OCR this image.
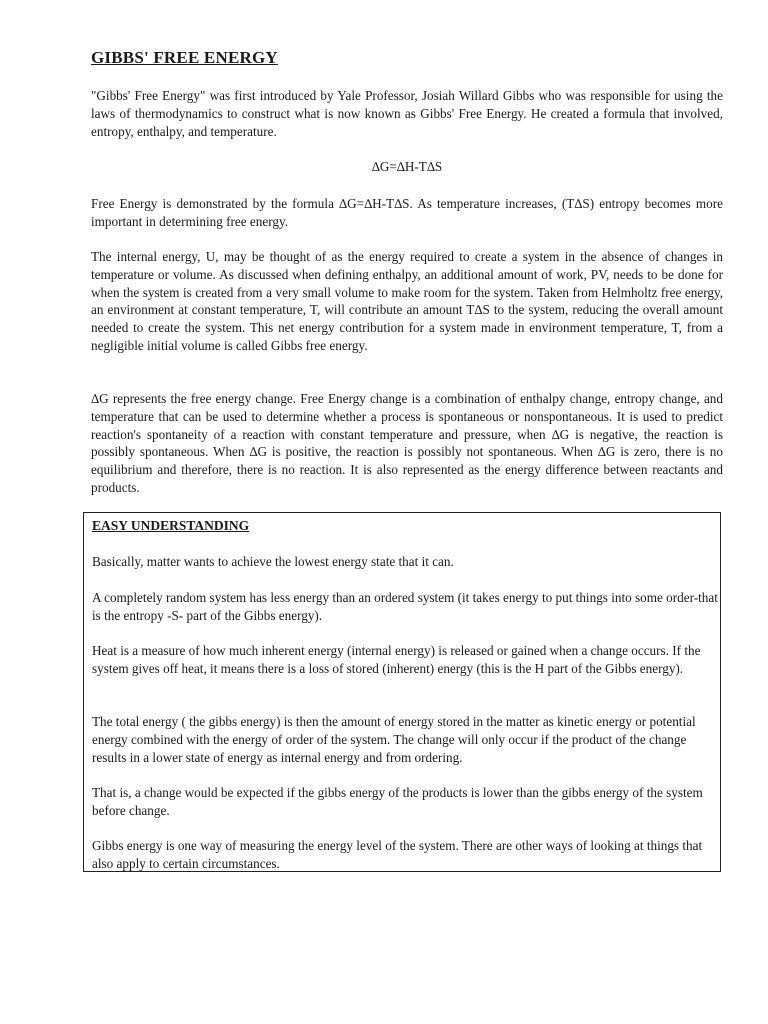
GIBBS' FREE ENERGY

"Gibbs' Free Energy" was first introduced by Yale Professor, Josiah Willard Gibbs who was responsible for using the laws of thermodynamics to construct what is now known as Gibbs' Free Energy. He created a formula that involved, entropy, enthalpy, and temperature.

∆G=∆H-T∆S

Free Energy is demonstrated by the formula ∆G=∆H-T∆S. As temperature increases, (T∆S) entropy becomes more important in determining free energy.

The internal energy, U, may be thought of as the energy required to create a system in the absence of changes in temperature or volume. As discussed when defining enthalpy, an additional amount of work, PV, needs to be done for when the system is created from a very small volume to make room for the system. Taken from Helmholtz free energy, an environment at constant temperature, T, will contribute an amount T∆S to the system, reducing the overall amount needed to create the system. This net energy contribution for a system made in environment temperature, T, from a negligible initial volume is called Gibbs free energy.

∆G represents the free energy change. Free Energy change is a combination of enthalpy change, entropy change, and temperature that can be used to determine whether a process is spontaneous or nonspontaneous. It is used to predict reaction's spontaneity of a reaction with constant temperature and pressure, when ∆G is negative, the reaction is possibly spontaneous. When ∆G is positive, the reaction is possibly not spontaneous. When ∆G is zero, there is no equilibrium and therefore, there is no reaction. It is also represented as the energy difference between reactants and products.

EASY UNDERSTANDING

Basically, matter wants to achieve the lowest energy state that it can.

A completely random system has less energy than an ordered system (it takes energy to put things into some order-that is the entropy -S- part of the Gibbs energy).

Heat is a measure of how much inherent energy (internal energy) is released or gained when a change occurs. If the system gives off heat, it means there is a loss of stored (inherent) energy (this is the H part of the Gibbs energy).

The total energy ( the gibbs energy) is then the amount of energy stored in the matter as kinetic energy or potential energy combined with the energy of order of the system. The change will only occur if the product of the change results in a lower state of energy as internal energy and from ordering.

That is, a change would be expected if the gibbs energy of the products is lower than the gibbs energy of the system before change.

Gibbs energy is one way of measuring the energy level of the system. There are other ways of looking at things that also apply to certain circumstances.
